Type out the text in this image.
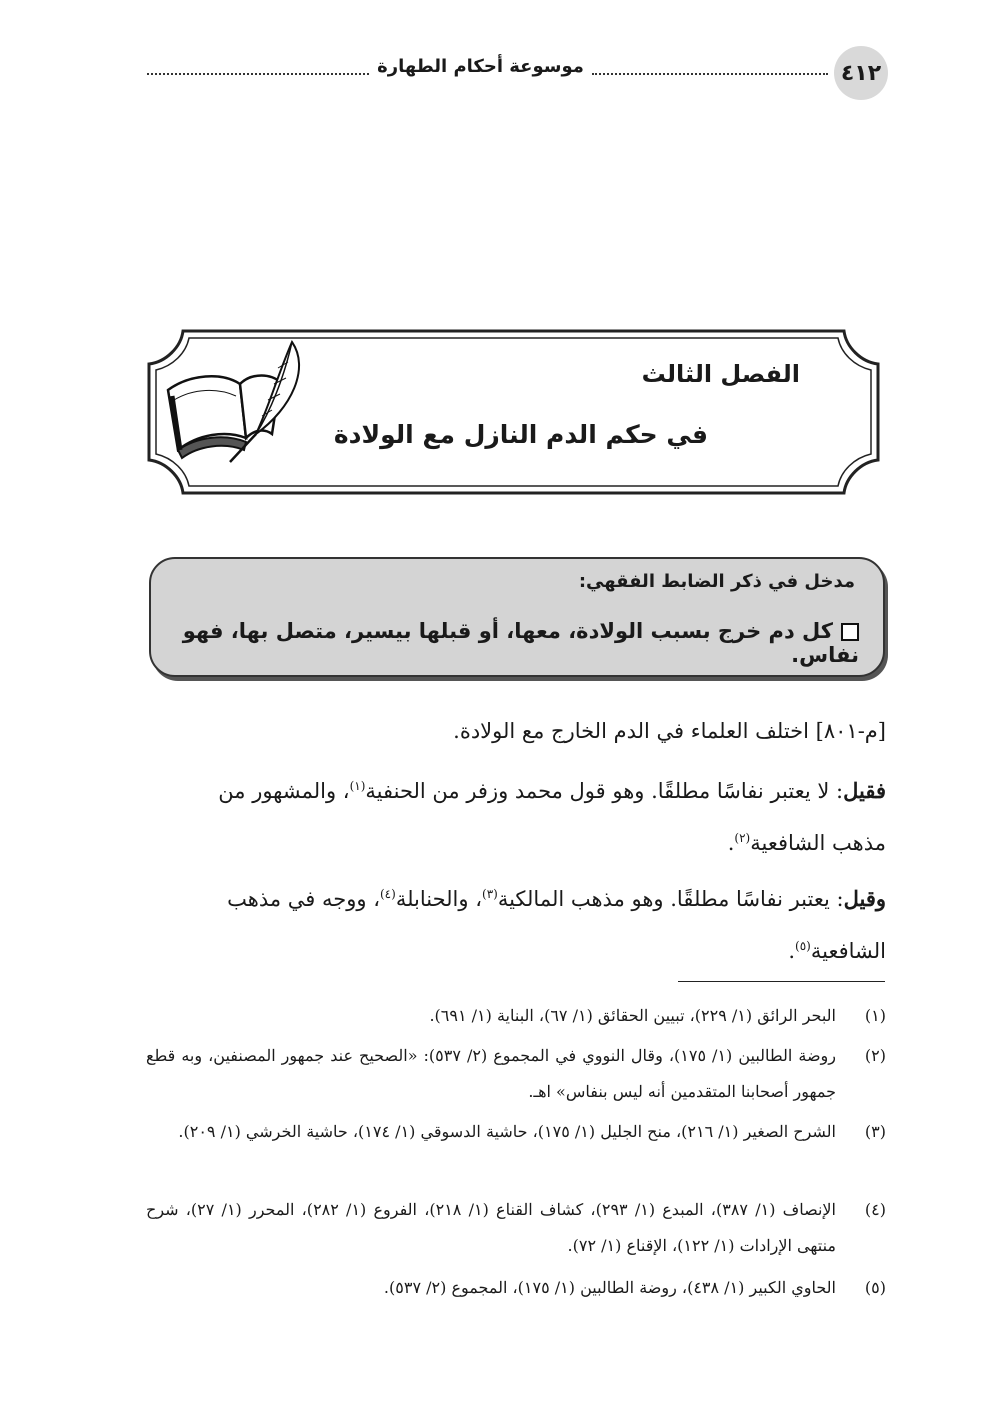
٤١٢
موسوعة أحكام الطهارة
الفصل الثالث
في حكم الدم النازل مع الولادة
مدخل في ذكر الضابط الفقهي:
كل دم خرج بسبب الولادة، معها، أو قبلها بيسير، متصل بها، فهو نفاس.
[م-٨٠١] اختلف العلماء في الدم الخارج مع الولادة.
فقيل: لا يعتبر نفاسًا مطلقًا. وهو قول محمد وزفر من الحنفية$^{(١)}$، والمشهور من مذهب الشافعية$^{(٢)}$.
وقيل: يعتبر نفاسًا مطلقًا. وهو مذهب المالكية$^{(٣)}$، والحنابلة$^{(٤)}$، ووجه في مذهب الشافعية$^{(٥)}$.
(١)
البحر الرائق (١/ ٢٢٩)، تبيين الحقائق (١/ ٦٧)، البناية (١/ ٦٩١).
(٢)
روضة الطالبين (١/ ١٧٥)، وقال النووي في المجموع (٢/ ٥٣٧): «الصحيح عند جمهور المصنفين، وبه قطع جمهور أصحابنا المتقدمين أنه ليس بنفاس» اهـ.
(٣)
الشرح الصغير (١/ ٢١٦)، منح الجليل (١/ ١٧٥)، حاشية الدسوقي (١/ ١٧٤)، حاشية الخرشي (١/ ٢٠٩).
(٤)
الإنصاف (١/ ٣٨٧)، المبدع (١/ ٢٩٣)، كشاف القناع (١/ ٢١٨)، الفروع (١/ ٢٨٢)، المحرر (١/ ٢٧)، شرح منتهى الإرادات (١/ ١٢٢)، الإقناع (١/ ٧٢).
(٥)
الحاوي الكبير (١/ ٤٣٨)، روضة الطالبين (١/ ١٧٥)، المجموع (٢/ ٥٣٧).
